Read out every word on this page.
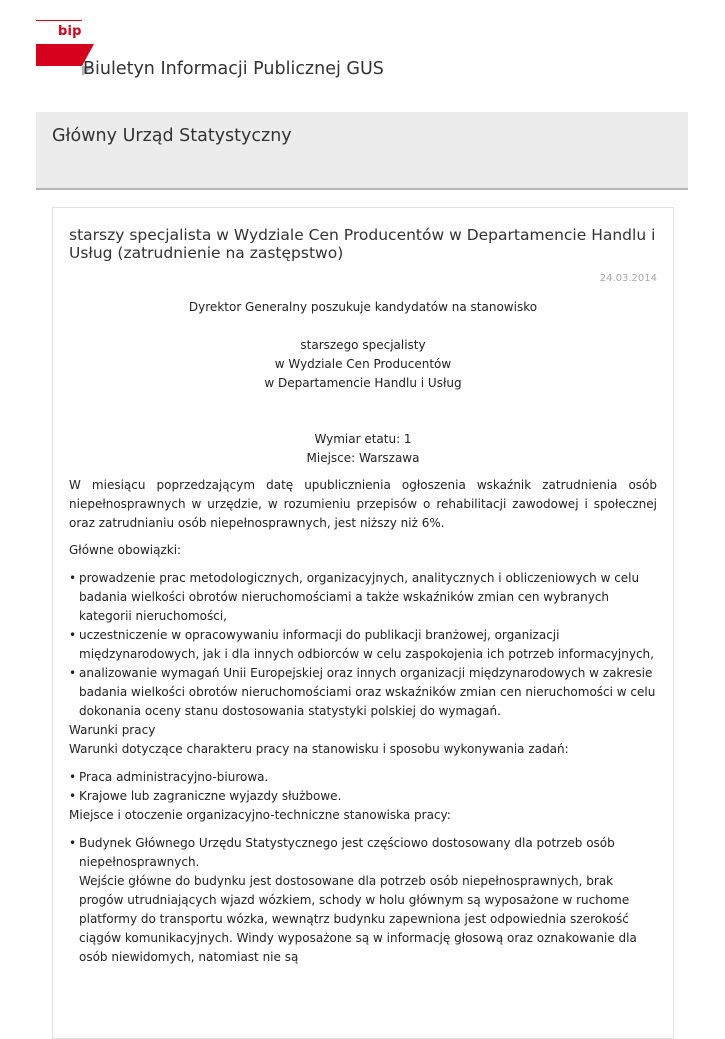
bip
Biuletyn Informacji Publicznej GUS
Główny Urząd Statystyczny
starszy specjalista w Wydziale Cen Producentów w Departamencie Handlu i Usług (zatrudnienie na zastępstwo)
24.03.2014

Dyrektor Generalny poszukuje kandydatów na stanowisko

starszego specjalisty

w Wydziale Cen Producentów

w Departamencie Handlu i Usług

Wymiar etatu: 1

Miejsce: Warszawa

W miesiącu poprzedzającym datę upublicznienia ogłoszenia wskaźnik zatrudnienia osób niepełnosprawnych w urzędzie, w rozumieniu przepisów o rehabilitacji zawodowej i społecznej oraz zatrudnianiu osób niepełnosprawnych, jest niższy niż 6%.

Główne obowiązki:

• prowadzenie prac metodologicznych, organizacyjnych, analitycznych i obliczeniowych w celu badania wielkości obrotów nieruchomościami a także wskaźników zmian cen wybranych kategorii nieruchomości,
• uczestniczenie w opracowywaniu informacji do publikacji branżowej, organizacji międzynarodowych, jak i dla innych odbiorców w celu zaspokojenia ich potrzeb informacyjnych,
• analizowanie wymagań Unii Europejskiej oraz innych organizacji międzynarodowych w zakresie badania wielkości obrotów nieruchomościami oraz wskaźników zmian cen nieruchomości w celu dokonania oceny stanu dostosowania statystyki polskiej do wymagań.

Warunki pracy

Warunki dotyczące charakteru pracy na stanowisku i sposobu wykonywania zadań:

• Praca administracyjno-biurowa.
• Krajowe lub zagraniczne wyjazdy służbowe.

Miejsce i otoczenie organizacyjno-techniczne stanowiska pracy:

• Budynek Głównego Urzędu Statystycznego jest częściowo dostosowany dla potrzeb osób niepełnosprawnych.
Wejście główne do budynku jest dostosowane dla potrzeb osób niepełnosprawnych, brak progów utrudniających wjazd wózkiem, schody w holu głównym są wyposażone w ruchome platformy do transportu wózka, wewnątrz budynku zapewniona jest odpowiednia szerokość ciągów komunikacyjnych. Windy wyposażone są w informację głosową oraz oznakowanie dla osób niewidomych, natomiast nie są
